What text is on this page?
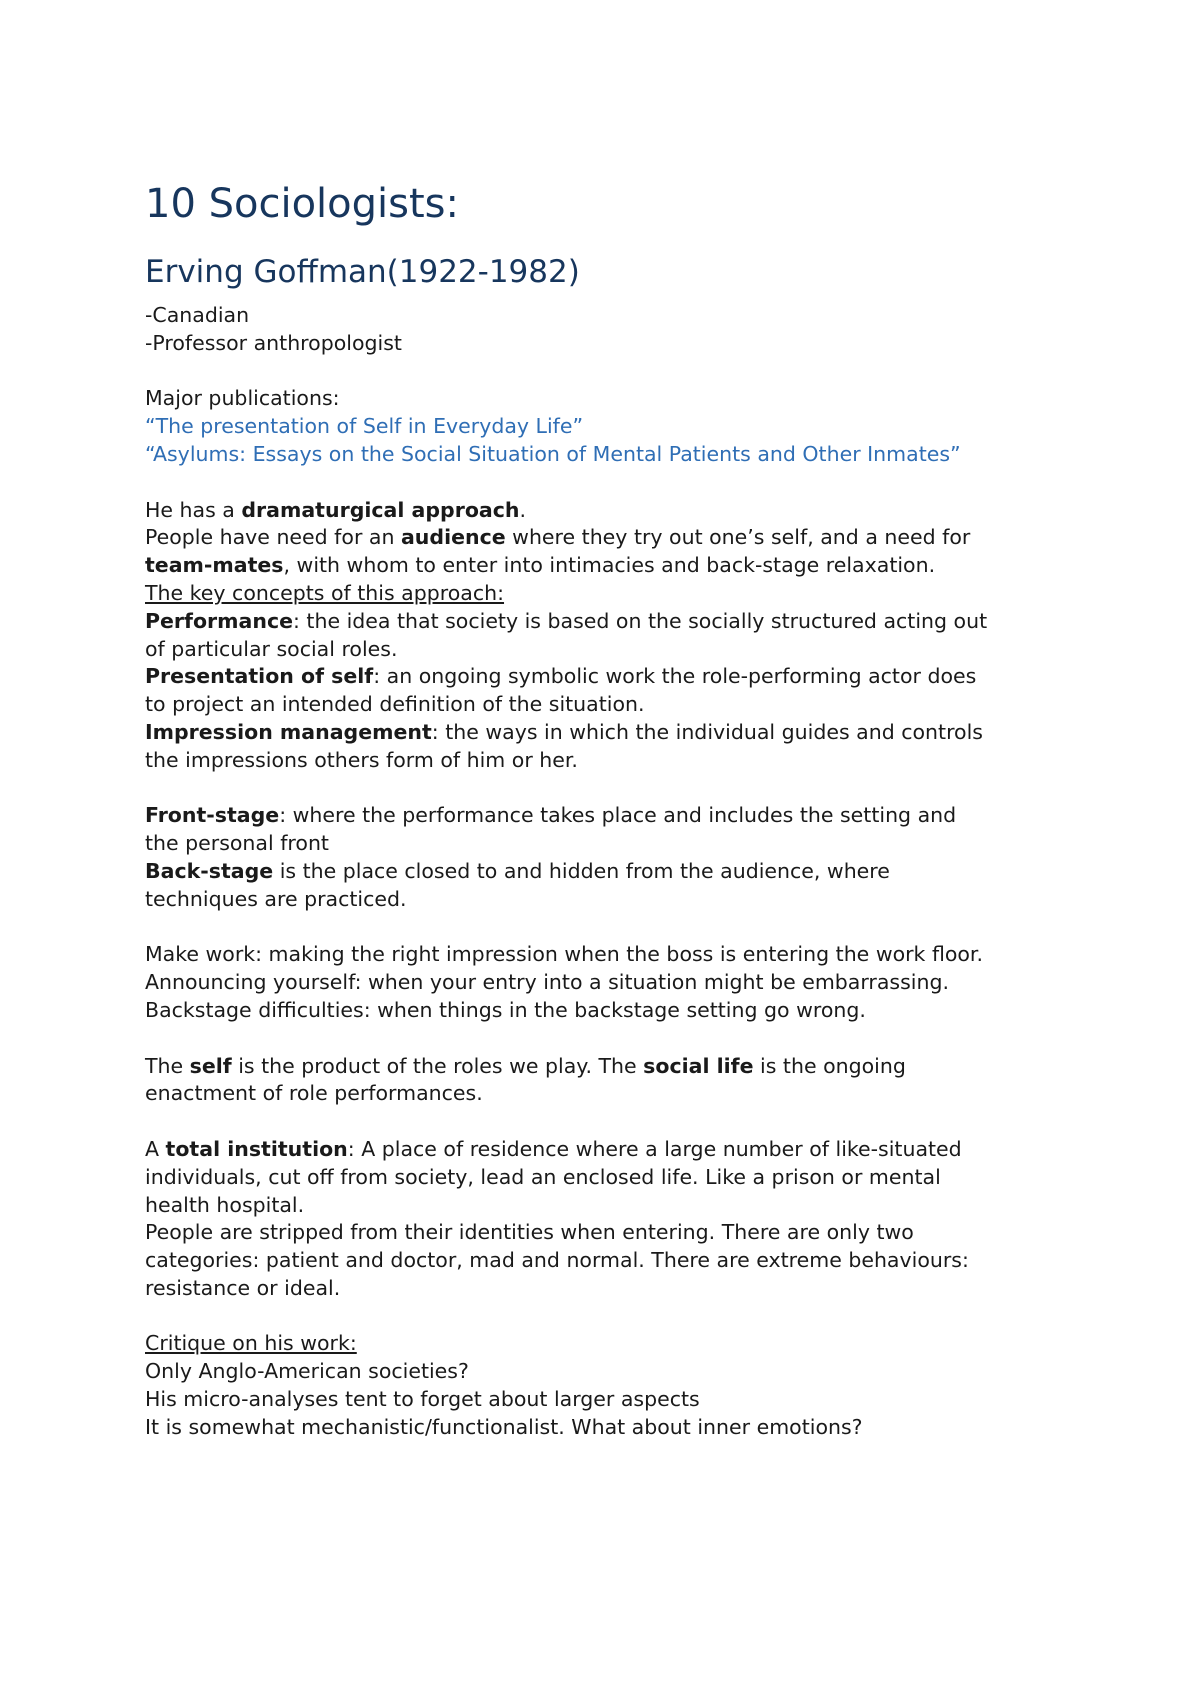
10 Sociologists:
Erving Goffman(1922-1982)
-Canadian
-Professor anthropologist
Major publications:
“The presentation of Self in Everyday Life”
“Asylums: Essays on the Social Situation of Mental Patients and Other Inmates”
He has a dramaturgical approach.
People have need for an audience where they try out one’s self, and a need for
team-mates, with whom to enter into intimacies and back-stage relaxation.
The key concepts of this approach:
Performance: the idea that society is based on the socially structured acting out
of particular social roles.
Presentation of self: an ongoing symbolic work the role-performing actor does
to project an intended definition of the situation.
Impression management: the ways in which the individual guides and controls
the impressions others form of him or her.
Front-stage: where the performance takes place and includes the setting and
the personal front
Back-stage is the place closed to and hidden from the audience, where
techniques are practiced.
Make work: making the right impression when the boss is entering the work floor.
Announcing yourself: when your entry into a situation might be embarrassing.
Backstage difficulties: when things in the backstage setting go wrong.
The self is the product of the roles we play. The social life is the ongoing
enactment of role performances.
A total institution: A place of residence where a large number of like-situated
individuals, cut off from society, lead an enclosed life. Like a prison or mental
health hospital.
People are stripped from their identities when entering. There are only two
categories: patient and doctor, mad and normal. There are extreme behaviours:
resistance or ideal.
Critique on his work:
Only Anglo-American societies?
His micro-analyses tent to forget about larger aspects
It is somewhat mechanistic/functionalist. What about inner emotions?
